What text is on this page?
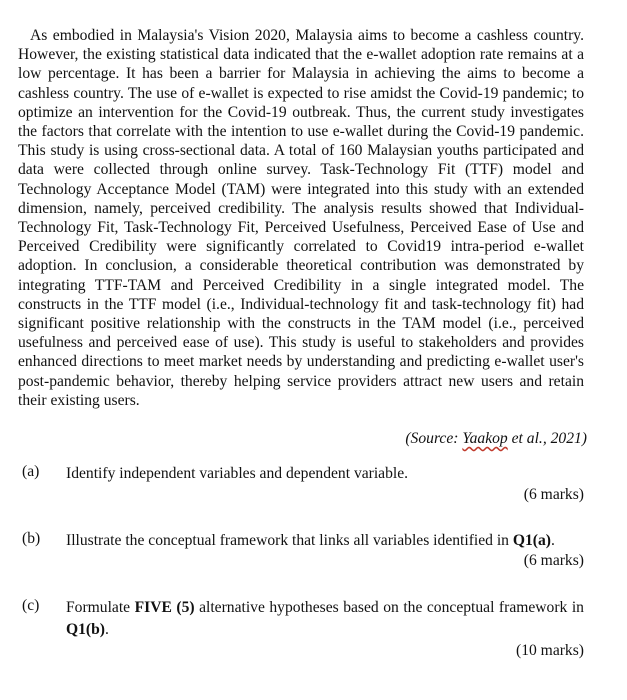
As embodied in Malaysia's Vision 2020, Malaysia aims to become a cashless country. However, the existing statistical data indicated that the e-wallet adoption rate remains at a low percentage. It has been a barrier for Malaysia in achieving the aims to become a cashless country. The use of e-wallet is expected to rise amidst the Covid-19 pandemic; to optimize an intervention for the Covid-19 outbreak. Thus, the current study investigates the factors that correlate with the intention to use e-wallet during the Covid-19 pandemic. This study is using cross-sectional data. A total of 160 Malaysian youths participated and data were collected through online survey. Task-Technology Fit (TTF) model and Technology Acceptance Model (TAM) were integrated into this study with an extended dimension, namely, perceived credibility. The analysis results showed that Individual-Technology Fit, Task-Technology Fit, Perceived Usefulness, Perceived Ease of Use and Perceived Credibility were significantly correlated to Covid19 intra-period e-wallet adoption. In conclusion, a considerable theoretical contribution was demonstrated by integrating TTF-TAM and Perceived Credibility in a single integrated model. The constructs in the TTF model (i.e., Individual-technology fit and task-technology fit) had significant positive relationship with the constructs in the TAM model (i.e., perceived usefulness and perceived ease of use). This study is useful to stakeholders and provides enhanced directions to meet market needs by understanding and predicting e-wallet user's post-pandemic behavior, thereby helping service providers attract new users and retain their existing users.

(Source: Yaakop et al., 2021)
(a) Identify independent variables and dependent variable.
(6 marks)
(b) Illustrate the conceptual framework that links all variables identified in Q1(a).
(6 marks)
(c) Formulate FIVE (5) alternative hypotheses based on the conceptual framework in Q1(b).
(10 marks)
